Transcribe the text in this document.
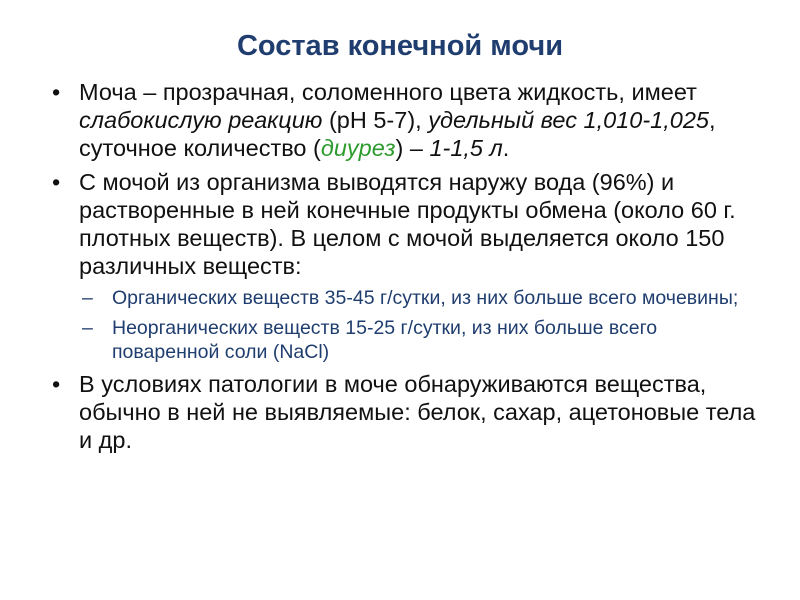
Состав конечной мочи
• Моча – прозрачная, соломенного цвета жидкость, имеет слабокислую реакцию (рН 5-7), удельный вес 1,010-1,025, суточное количество (диурез) – 1-1,5 л.
• С мочой из организма выводятся наружу вода (96%) и растворенные в ней конечные продукты обмена (около 60 г. плотных веществ). В целом с мочой выделяется около 150 различных веществ:
– Органических веществ 35-45 г/сутки, из них больше всего мочевины;
– Неорганических веществ 15-25 г/сутки, из них больше всего поваренной соли (NaCl)
• В условиях патологии в моче обнаруживаются вещества, обычно в ней не выявляемые: белок, сахар, ацетоновые тела и др.
